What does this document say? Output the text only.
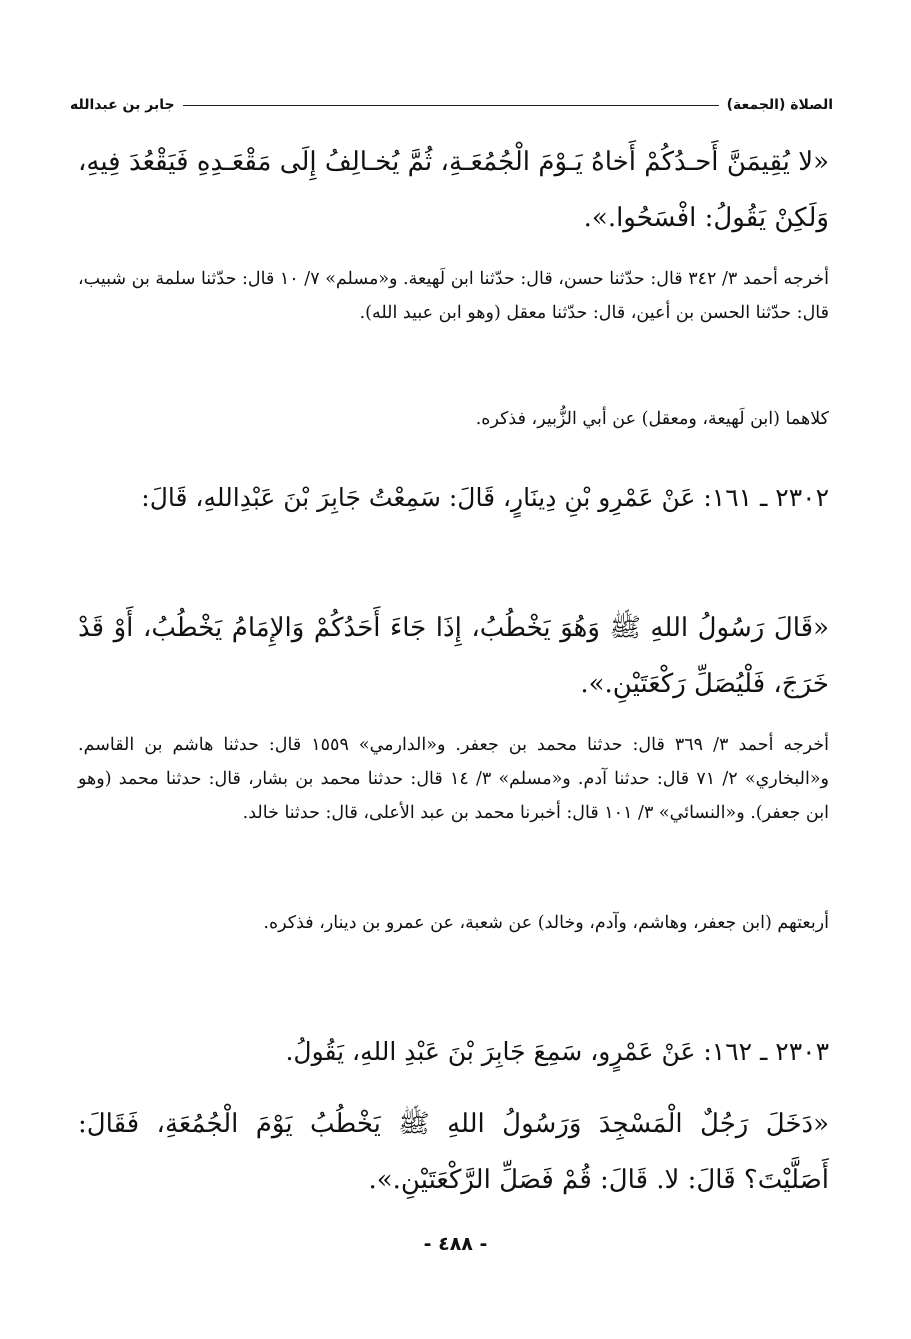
الصلاة (الجمعة)
جابر بن عبدالله
«لا يُقِيمَنَّ أَحـدُكُمْ أَخاهُ يَـوْمَ الْجُمُعَـةِ، ثُمَّ يُخـالِفُ إِلَى مَقْعَـدِهِ فَيَقْعُدَ فِيهِ، وَلَكِنْ يَقُولُ: افْسَحُوا.».
أخرجه أحمد ٣/ ٣٤٢ قال: حدّثنا حسن، قال: حدّثنا ابن لَهيعة. و«مسلم» ٧/ ١٠ قال: حدّثنا سلمة بن شبيب، قال: حدّثنا الحسن بن أعين، قال: حدّثنا معقل (وهو ابن عبيد الله).
كلاهما (ابن لَهيعة، ومعقل) عن أبي الزُّبير، فذكره.
٢٣٠٢ ـ ١٦١: عَنْ عَمْرِو بْنِ دِينَارٍ، قَالَ: سَمِعْتُ جَابِرَ بْنَ عَبْدِاللهِ، قَالَ:
«قَالَ رَسُولُ اللهِ ﷺ وَهُوَ يَخْطُبُ، إِذَا جَاءَ أَحَدُكُمْ وَالإِمَامُ يَخْطُبُ، أَوْ قَدْ خَرَجَ، فَلْيُصَلِّ رَكْعَتَيْنِ.».
أخرجه أحمد ٣/ ٣٦٩ قال: حدثنا محمد بن جعفر. و«الدارمي» ١٥٥٩ قال: حدثنا هاشم بن القاسم. و«البخاري» ٢/ ٧١ قال: حدثنا آدم. و«مسلم» ٣/ ١٤ قال: حدثنا محمد بن بشار، قال: حدثنا محمد (وهو ابن جعفر). و«النسائي» ٣/ ١٠١ قال: أخبرنا محمد بن عبد الأعلى، قال: حدثنا خالد.
أربعتهم (ابن جعفر، وهاشم، وآدم، وخالد) عن شعبة، عن عمرو بن دينار، فذكره.
٢٣٠٣ ـ ١٦٢: عَنْ عَمْرٍو، سَمِعَ جَابِرَ بْنَ عَبْدِ اللهِ، يَقُولُ.
«دَخَلَ رَجُلٌ الْمَسْجِدَ وَرَسُولُ اللهِ ﷺ يَخْطُبُ يَوْمَ الْجُمُعَةِ، فَقَالَ: أَصَلَّيْتَ؟ قَالَ: لا. قَالَ: قُمْ فَصَلِّ الرَّكْعَتَيْنِ.».
- ٤٨٨ -
